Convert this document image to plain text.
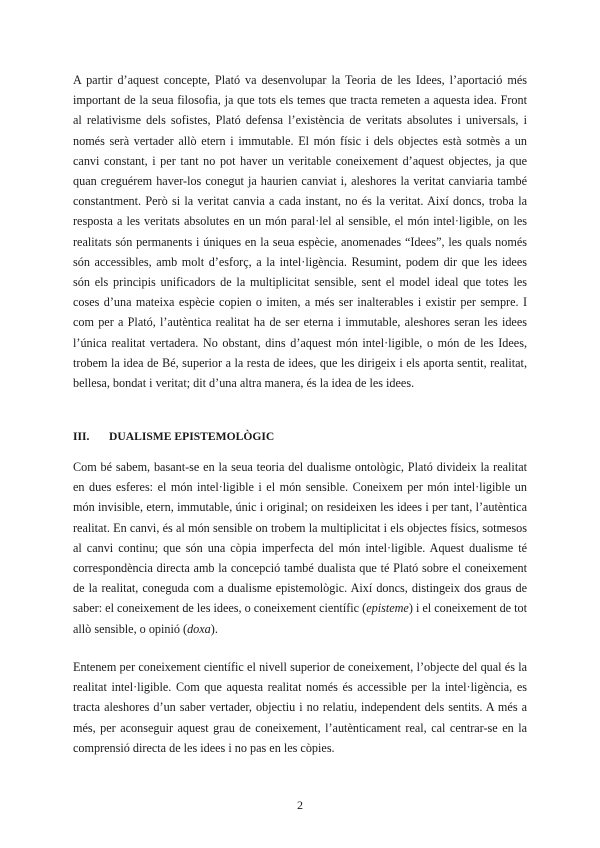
A partir d’aquest concepte, Plató va desenvolupar la Teoria de les Idees, l’aportació més important de la seua filosofia, ja que tots els temes que tracta remeten a aquesta idea. Front al relativisme dels sofistes, Plató defensa l’existència de veritats absolutes i universals, i només serà vertader allò etern i immutable. El món físic i dels objectes està sotmès a un canvi constant, i per tant no pot haver un veritable coneixement d’aquest objectes, ja que quan creguérem haver-los conegut ja haurien canviat i, aleshores la veritat canviaria també constantment. Però si la veritat canvia a cada instant, no és la veritat. Així doncs, troba la resposta a les veritats absolutes en un món paral·lel al sensible, el món intel·ligible, on les realitats són permanents i úniques en la seua espècie, anomenades “Idees”, les quals només són accessibles, amb molt d’esforç, a la intel·ligència. Resumint, podem dir que les idees són els principis unificadors de la multiplicitat sensible, sent el model ideal que totes les coses d’una mateixa espècie copien o imiten, a més ser inalterables i existir per sempre. I com per a Plató, l’autèntica realitat ha de ser eterna i immutable, aleshores seran les idees l’única realitat vertadera. No obstant, dins d’aquest món intel·ligible, o món de les Idees, trobem la idea de Bé, superior a la resta de idees, que les dirigeix i els aporta sentit, realitat, bellesa, bondat i veritat; dit d’una altra manera, és la idea de les idees.

III. DUALISME EPISTEMOLÒGIC

Com bé sabem, basant-se en la seua teoria del dualisme ontològic, Plató divideix la realitat en dues esferes: el món intel·ligible i el món sensible. Coneixem per món intel·ligible un món invisible, etern, immutable, únic i original; on resideixen les idees i per tant, l’autèntica realitat. En canvi, és al món sensible on trobem la multiplicitat i els objectes físics, sotmesos al canvi continu; que són una còpia imperfecta del món intel·ligible. Aquest dualisme té correspondència directa amb la concepció també dualista que té Plató sobre el coneixement de la realitat, coneguda com a dualisme epistemològic. Així doncs, distingeix dos graus de saber: el coneixement de les idees, o coneixement científic (episteme) i el coneixement de tot allò sensible, o opinió (doxa).

Entenem per coneixement científic el nivell superior de coneixement, l’objecte del qual és la realitat intel·ligible. Com que aquesta realitat només és accessible per la intel·ligència, es tracta aleshores d’un saber vertader, objectiu i no relatiu, independent dels sentits. A més a més, per aconseguir aquest grau de coneixement, l’autènticament real, cal centrar-se en la comprensió directa de les idees i no pas en les còpies.

2
